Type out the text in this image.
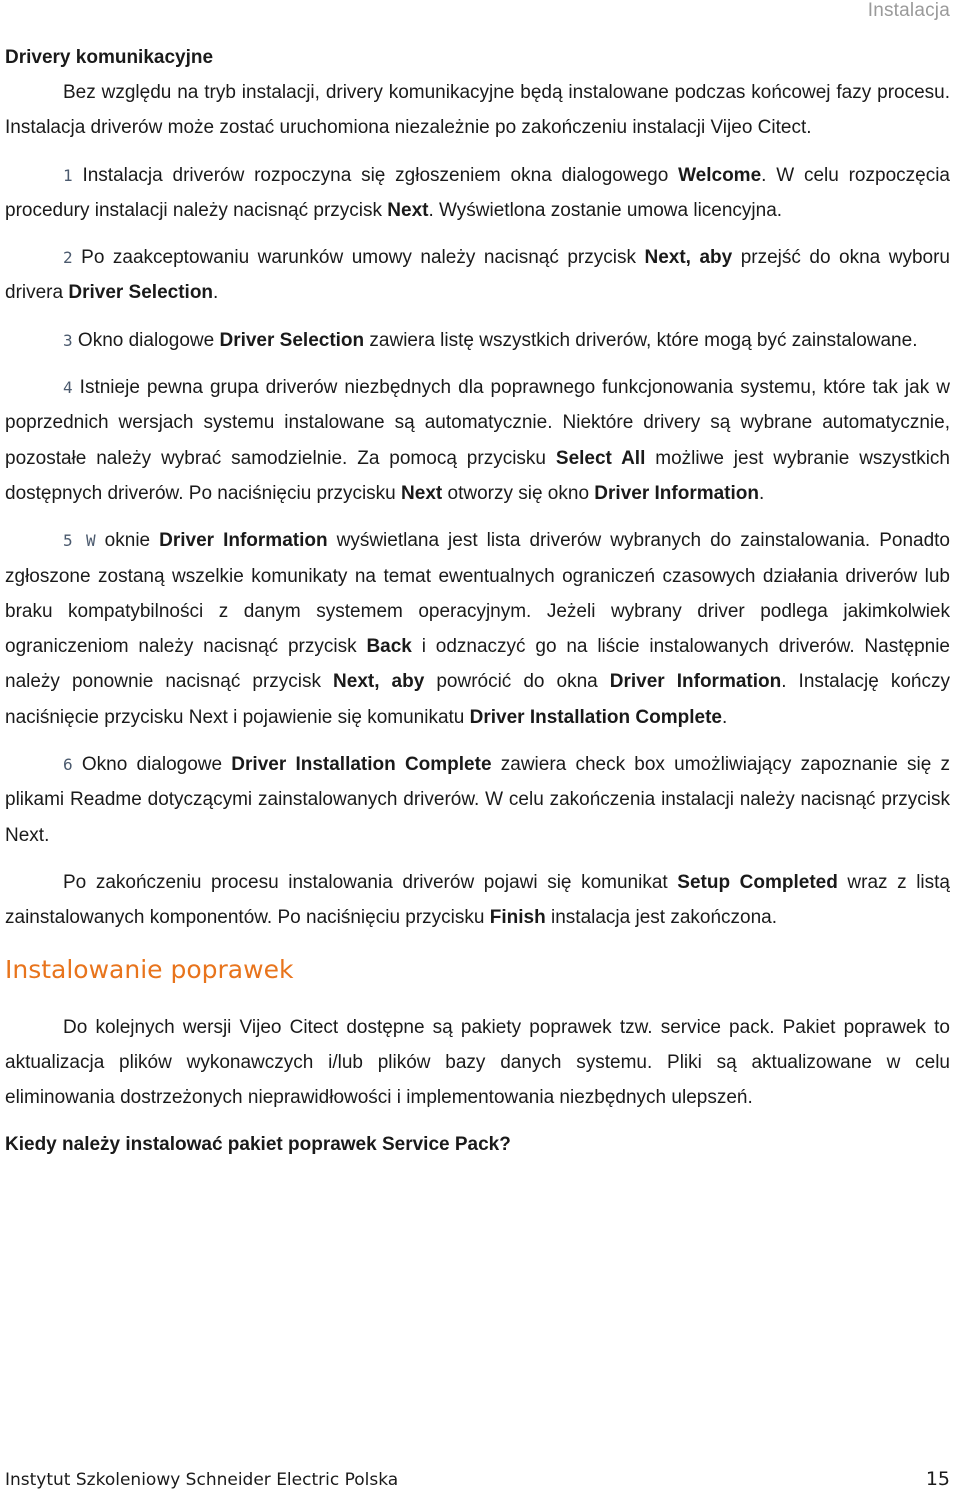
Instalacja

Drivery komunikacyjne

Bez względu na tryb instalacji, drivery komunikacyjne będą instalowane podczas końcowej fazy procesu. Instalacja driverów może zostać uruchomiona niezależnie po zakończeniu instalacji Vijeo Citect.

1 Instalacja driverów rozpoczyna się zgłoszeniem okna dialogowego Welcome. W celu rozpoczęcia procedury instalacji należy nacisnąć przycisk Next. Wyświetlona zostanie umowa licencyjna.

2 Po zaakceptowaniu warunków umowy należy nacisnąć przycisk Next, aby przejść do okna wyboru drivera Driver Selection.

3 Okno dialogowe Driver Selection zawiera listę wszystkich driverów, które mogą być zainstalowane.

4 Istnieje pewna grupa driverów niezbędnych dla poprawnego funkcjonowania systemu, które tak jak w poprzednich wersjach systemu instalowane są automatycznie. Niektóre drivery są wybrane automatycznie, pozostałe należy wybrać samodzielnie. Za pomocą przycisku Select All możliwe jest wybranie wszystkich dostępnych driverów. Po naciśnięciu przycisku Next otworzy się okno Driver Information.

5 W oknie Driver Information wyświetlana jest lista driverów wybranych do zainstalowania. Ponadto zgłoszone zostaną wszelkie komunikaty na temat ewentualnych ograniczeń czasowych działania driverów lub braku kompatybilności z danym systemem operacyjnym. Jeżeli wybrany driver podlega jakimkolwiek ograniczeniom należy nacisnąć przycisk Back i odznaczyć go na liście instalowanych driverów. Następnie należy ponownie nacisnąć przycisk Next, aby powrócić do okna Driver Information. Instalację kończy naciśnięcie przycisku Next i pojawienie się komunikatu Driver Installation Complete.

6 Okno dialogowe Driver Installation Complete zawiera check box umożliwiający zapoznanie się z plikami Readme dotyczącymi zainstalowanych driverów. W celu zakończenia instalacji należy nacisnąć przycisk Next.

Po zakończeniu procesu instalowania driverów pojawi się komunikat Setup Completed wraz z listą zainstalowanych komponentów. Po naciśnięciu przycisku Finish instalacja jest zakończona.

Instalowanie poprawek

Do kolejnych wersji Vijeo Citect dostępne są pakiety poprawek tzw. service pack. Pakiet poprawek to aktualizacja plików wykonawczych i/lub plików bazy danych systemu. Pliki są aktualizowane w celu eliminowania dostrzeżonych nieprawidłowości i implementowania niezbędnych ulepszeń.

Kiedy należy instalować pakiet poprawek Service Pack?

Instytut Szkoleniowy Schneider Electric Polska	15
